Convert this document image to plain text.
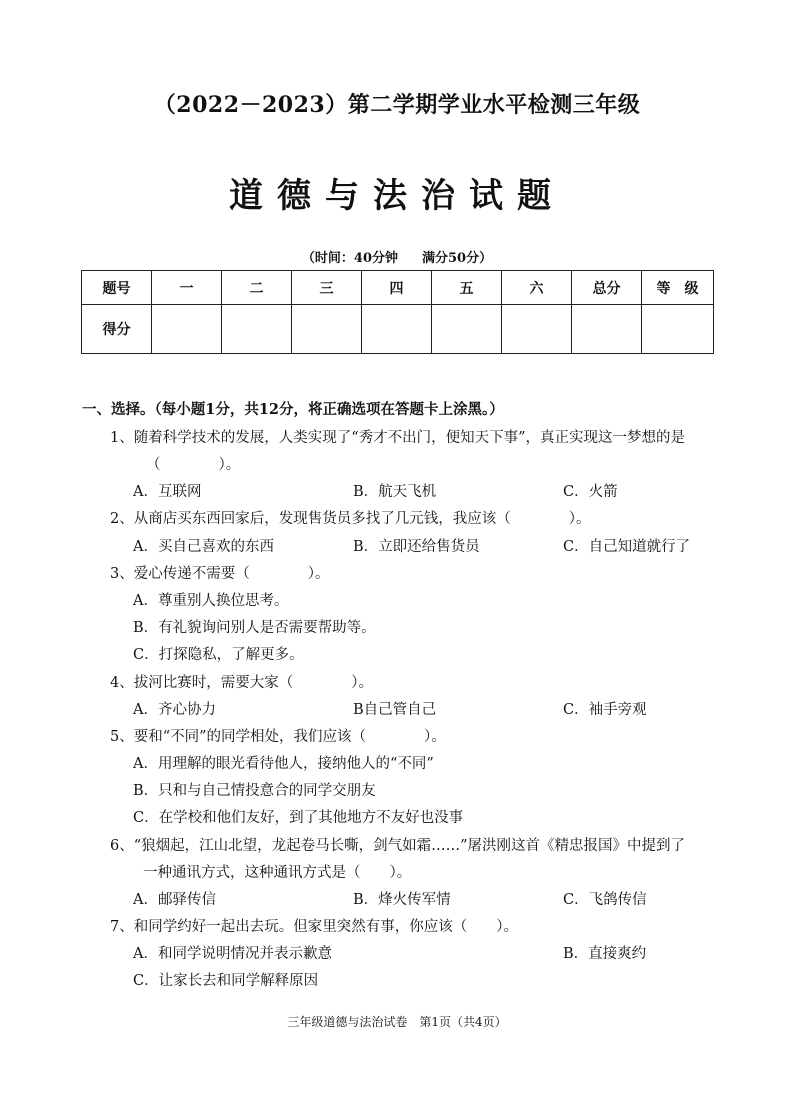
（2022－2023）第二学期学业水平检测三年级
道德与法治试题
（时间：40分钟 满分50分）
题号	一	二	三	四	五	六	总分	等　级
得分								
一、选择。（每小题1分，共12分，将正确选项在答题卡上涂黑。）
1、随着科学技术的发展，人类实现了“秀才不出门，便知天下事”，真正实现这一梦想的是
（　　　　）。
A．互联网	B．航天飞机	C．火箭
2、从商店买东西回家后，发现售货员多找了几元钱，我应该（　　　　）。
A．买自己喜欢的东西	B．立即还给售货员	C．自己知道就行了
3、爱心传递不需要（　　　　）。
A．尊重别人换位思考。
B．有礼貌询问别人是否需要帮助等。
C．打探隐私，了解更多。
4、拔河比赛时，需要大家（　　　　）。
A．齐心协力	B自己管自己	C．袖手旁观
5、要和“不同”的同学相处，我们应该（　　　　）。
A．用理解的眼光看待他人，接纳他人的“不同”
B．只和与自己情投意合的同学交朋友
C．在学校和他们友好，到了其他地方不友好也没事
6、“狼烟起，江山北望，龙起卷马长嘶，剑气如霜……”屠洪刚这首《精忠报国》中提到了
一种通讯方式，这种通讯方式是（　　）。
A．邮驿传信	B．烽火传军情	C．飞鸽传信
7、和同学约好一起出去玩。但家里突然有事，你应该（　　）。
A．和同学说明情况并表示歉意	B．直接爽约
C．让家长去和同学解释原因
三年级道德与法治试卷　第1页（共4页）
